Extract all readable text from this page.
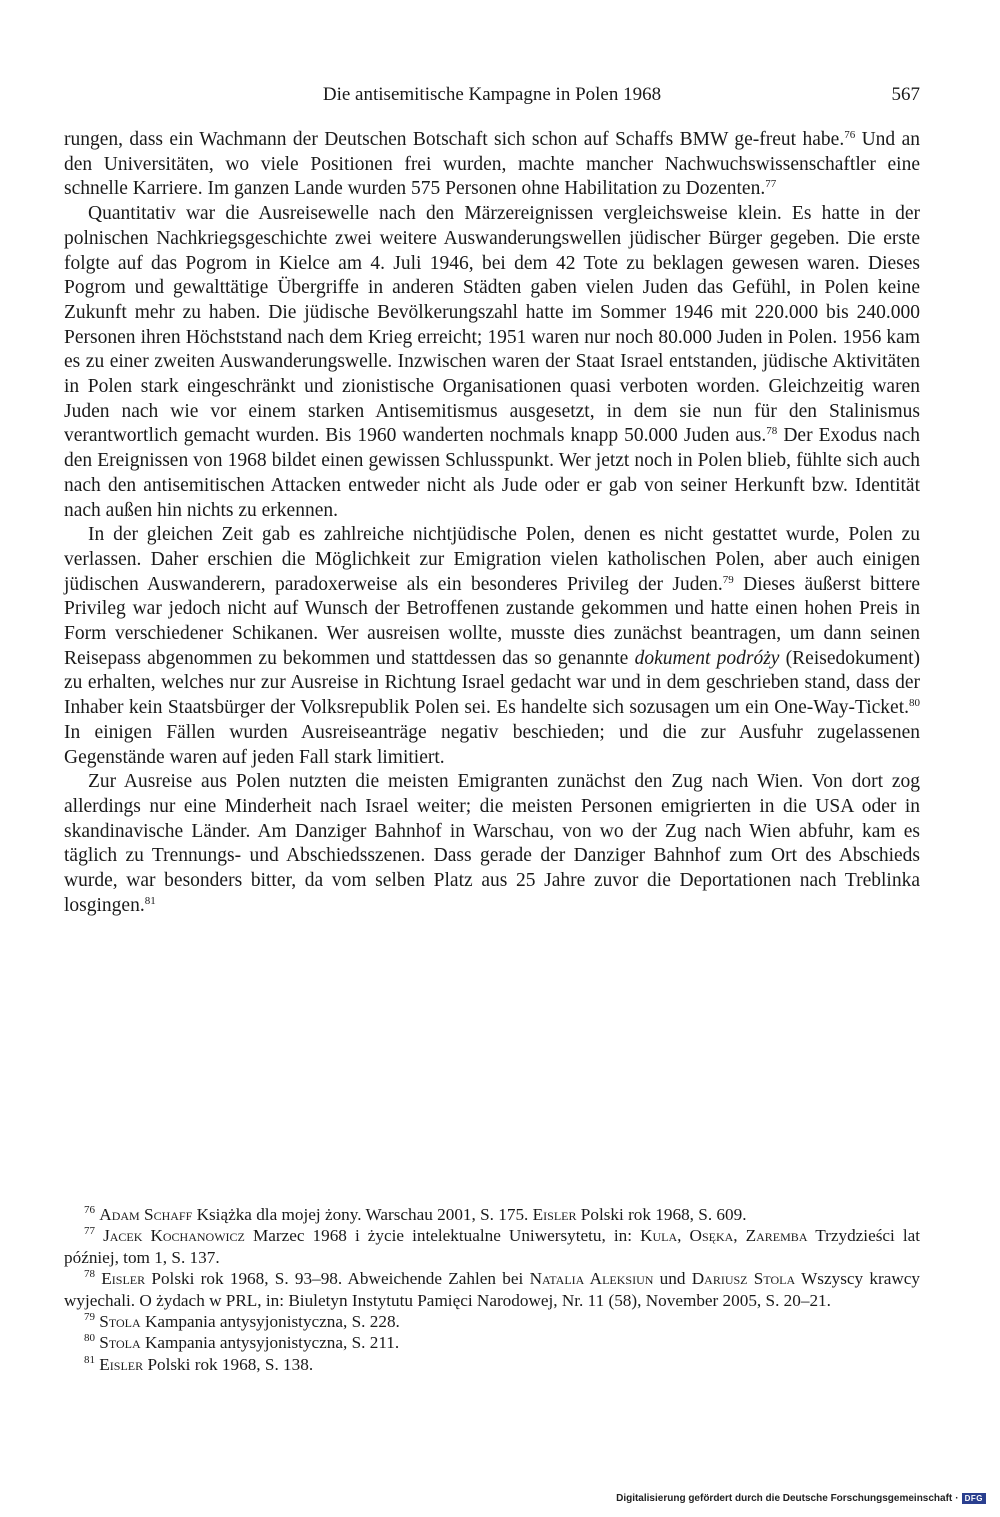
Die antisemitische Kampagne in Polen 1968	567

rungen, dass ein Wachmann der Deutschen Botschaft sich schon auf Schaffs BMW ge-freut habe.$^{76}$ Und an den Universitäten, wo viele Positionen frei wurden, machte mancher Nachwuchswissenschaftler eine schnelle Karriere. Im ganzen Lande wurden 575 Personen ohne Habilitation zu Dozenten.$^{77}$

Quantitativ war die Ausreisewelle nach den Märzereignissen vergleichsweise klein. Es hatte in der polnischen Nachkriegsgeschichte zwei weitere Auswanderungswellen jüdischer Bürger gegeben. Die erste folgte auf das Pogrom in Kielce am 4. Juli 1946, bei dem 42 Tote zu beklagen gewesen waren. Dieses Pogrom und gewalttätige Übergriffe in anderen Städten gaben vielen Juden das Gefühl, in Polen keine Zukunft mehr zu haben. Die jüdische Bevölkerungszahl hatte im Sommer 1946 mit 220.000 bis 240.000 Personen ihren Höchststand nach dem Krieg erreicht; 1951 waren nur noch 80.000 Juden in Polen. 1956 kam es zu einer zweiten Auswanderungswelle. Inzwischen waren der Staat Israel entstanden, jüdische Aktivitäten in Polen stark eingeschränkt und zionistische Organisationen quasi verboten worden. Gleichzeitig waren Juden nach wie vor einem starken Antisemitismus ausgesetzt, in dem sie nun für den Stalinismus verantwortlich gemacht wurden. Bis 1960 wanderten nochmals knapp 50.000 Juden aus.$^{78}$ Der Exodus nach den Ereignissen von 1968 bildet einen gewissen Schlusspunkt. Wer jetzt noch in Polen blieb, fühlte sich auch nach den antisemitischen Attacken entweder nicht als Jude oder er gab von seiner Herkunft bzw. Identität nach außen hin nichts zu erkennen.

In der gleichen Zeit gab es zahlreiche nichtjüdische Polen, denen es nicht gestattet wurde, Polen zu verlassen. Daher erschien die Möglichkeit zur Emigration vielen katholischen Polen, aber auch einigen jüdischen Auswanderern, paradoxerweise als ein besonderes Privileg der Juden.$^{79}$ Dieses äußerst bittere Privileg war jedoch nicht auf Wunsch der Betroffenen zustande gekommen und hatte einen hohen Preis in Form verschiedener Schikanen. Wer ausreisen wollte, musste dies zunächst beantragen, um dann seinen Reisepass abgenommen zu bekommen und stattdessen das so genannte dokument podróży (Reisedokument) zu erhalten, welches nur zur Ausreise in Richtung Israel gedacht war und in dem geschrieben stand, dass der Inhaber kein Staatsbürger der Volksrepublik Polen sei. Es handelte sich sozusagen um ein One-Way-Ticket.$^{80}$ In einigen Fällen wurden Ausreiseanträge negativ beschieden; und die zur Ausfuhr zugelassenen Gegenstände waren auf jeden Fall stark limitiert.

Zur Ausreise aus Polen nutzten die meisten Emigranten zunächst den Zug nach Wien. Von dort zog allerdings nur eine Minderheit nach Israel weiter; die meisten Personen emigrierten in die USA oder in skandinavische Länder. Am Danziger Bahnhof in Warschau, von wo der Zug nach Wien abfuhr, kam es täglich zu Trennungs- und Abschiedsszenen. Dass gerade der Danziger Bahnhof zum Ort des Abschieds wurde, war besonders bitter, da vom selben Platz aus 25 Jahre zuvor die Deportationen nach Treblinka losgingen.$^{81}$

$^{76}$ Adam Schaff Książka dla mojej żony. Warschau 2001, S. 175. Eisler Polski rok 1968, S. 609.

$^{77}$ Jacek Kochanowicz Marzec 1968 i życie intelektualne Uniwersytetu, in: Kula, Osęka, Zaremba Trzydzieści lat później, tom 1, S. 137.

$^{78}$ Eisler Polski rok 1968, S. 93–98. Abweichende Zahlen bei Natalia Aleksiun und Dariusz Stola Wszyscy krawcy wyjechali. O żydach w PRL, in: Biuletyn Instytutu Pamięci Narodowej, Nr. 11 (58), November 2005, S. 20–21.

$^{79}$ Stola Kampania antysyjonistyczna, S. 228.

$^{80}$ Stola Kampania antysyjonistyczna, S. 211.

$^{81}$ Eisler Polski rok 1968, S. 138.

Digitalisierung gefördert durch die Deutsche Forschungsgemeinschaft · DFG
